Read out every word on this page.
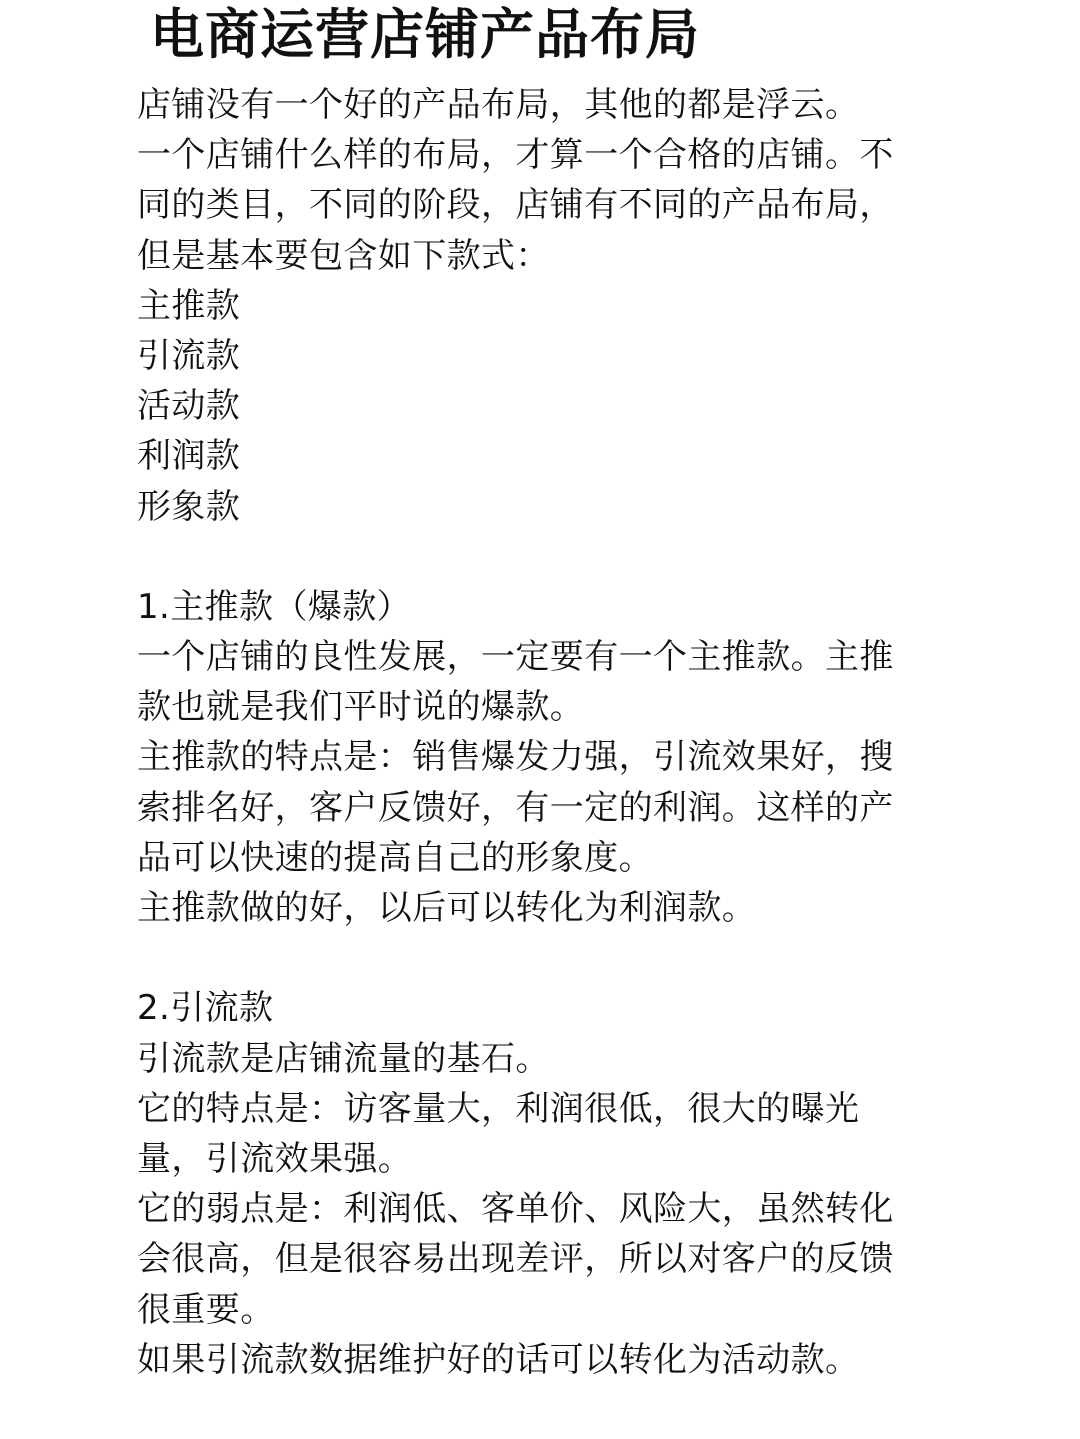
电商运营店铺产品布局
店铺没有一个好的产品布局，其他的都是浮云。
一个店铺什么样的布局，才算一个合格的店铺。不
同的类目，不同的阶段，店铺有不同的产品布局，
但是基本要包含如下款式：
主推款
引流款
活动款
利润款
形象款
1.主推款（爆款）
一个店铺的良性发展，一定要有一个主推款。主推
款也就是我们平时说的爆款。
主推款的特点是：销售爆发力强，引流效果好，搜
索排名好，客户反馈好，有一定的利润。这样的产
品可以快速的提高自己的形象度。
主推款做的好，以后可以转化为利润款。
2.引流款
引流款是店铺流量的基石。
它的特点是：访客量大，利润很低，很大的曝光
量，引流效果强。
它的弱点是：利润低、客单价、风险大，虽然转化
会很高，但是很容易出现差评，所以对客户的反馈
很重要。
如果引流款数据维护好的话可以转化为活动款。
